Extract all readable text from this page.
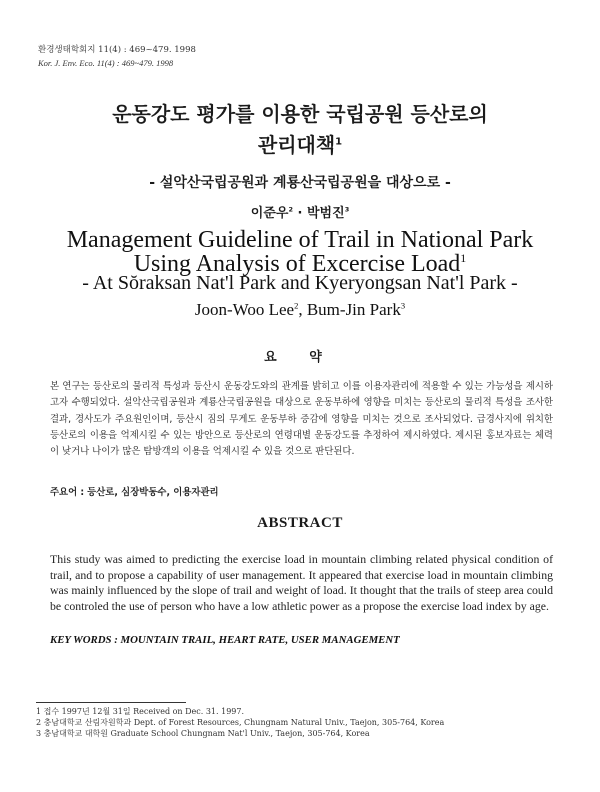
환경생태학회지 11(4) : 469~479. 1998
Kor. J. Env. Eco. 11(4) : 469~479. 1998
운동강도 평가를 이용한 국립공원 등산로의
관리대책$^1$
- 설악산국립공원과 계룡산국립공원을 대상으로 -
이준우$^2$ · 박범진$^3$
Management Guideline of Trail in National Park
Using Analysis of Excercise Load$^1$
- At Sŏraksan Nat'l Park and Kyeryongsan Nat'l Park -
Joon-Woo Lee$^2$, Bum-Jin Park$^3$
요 약
본 연구는 등산로의 물리적 특성과 등산시 운동강도와의 관계를 밝히고 이를 이용자관리에 적용할 수 있는 가능성을 제시하고자 수행되었다. 설악산국립공원과 계룡산국립공원을 대상으로 운동부하에 영향을 미치는 등산로의 물리적 특성을 조사한 결과, 경사도가 주요원인이며, 등산시 짐의 무게도 운동부하 증감에 영향을 미치는 것으로 조사되었다. 급경사지에 위치한 등산로의 이용을 억제시킬 수 있는 방안으로 등산로의 연령대별 운동강도를 추정하여 제시하였다. 제시된 홍보자료는 체력이 낮거나 나이가 많은 탐방객의 이용을 억제시킬 수 있을 것으로 판단된다.
주요어 : 등산로, 심장박동수, 이용자관리
ABSTRACT
This study was aimed to predicting the exercise load in mountain climbing related physical condition of trail, and to propose a capability of user management. It appeared that exercise load in mountain climbing was mainly influenced by the slope of trail and weight of load. It thought that the trails of steep area could be controled the use of person who have a low athletic power as a propose the exercise load index by age.
KEY WORDS : MOUNTAIN TRAIL, HEART RATE, USER MANAGEMENT
1 접수 1997년 12월 31일 Received on Dec. 31. 1997.
2 충남대학교 산림자원학과 Dept. of Forest Resources, Chungnam Natural Univ., Taejon, 305-764, Korea
3 충남대학교 대학원 Graduate School Chungnam Nat'l Univ., Taejon, 305-764, Korea
